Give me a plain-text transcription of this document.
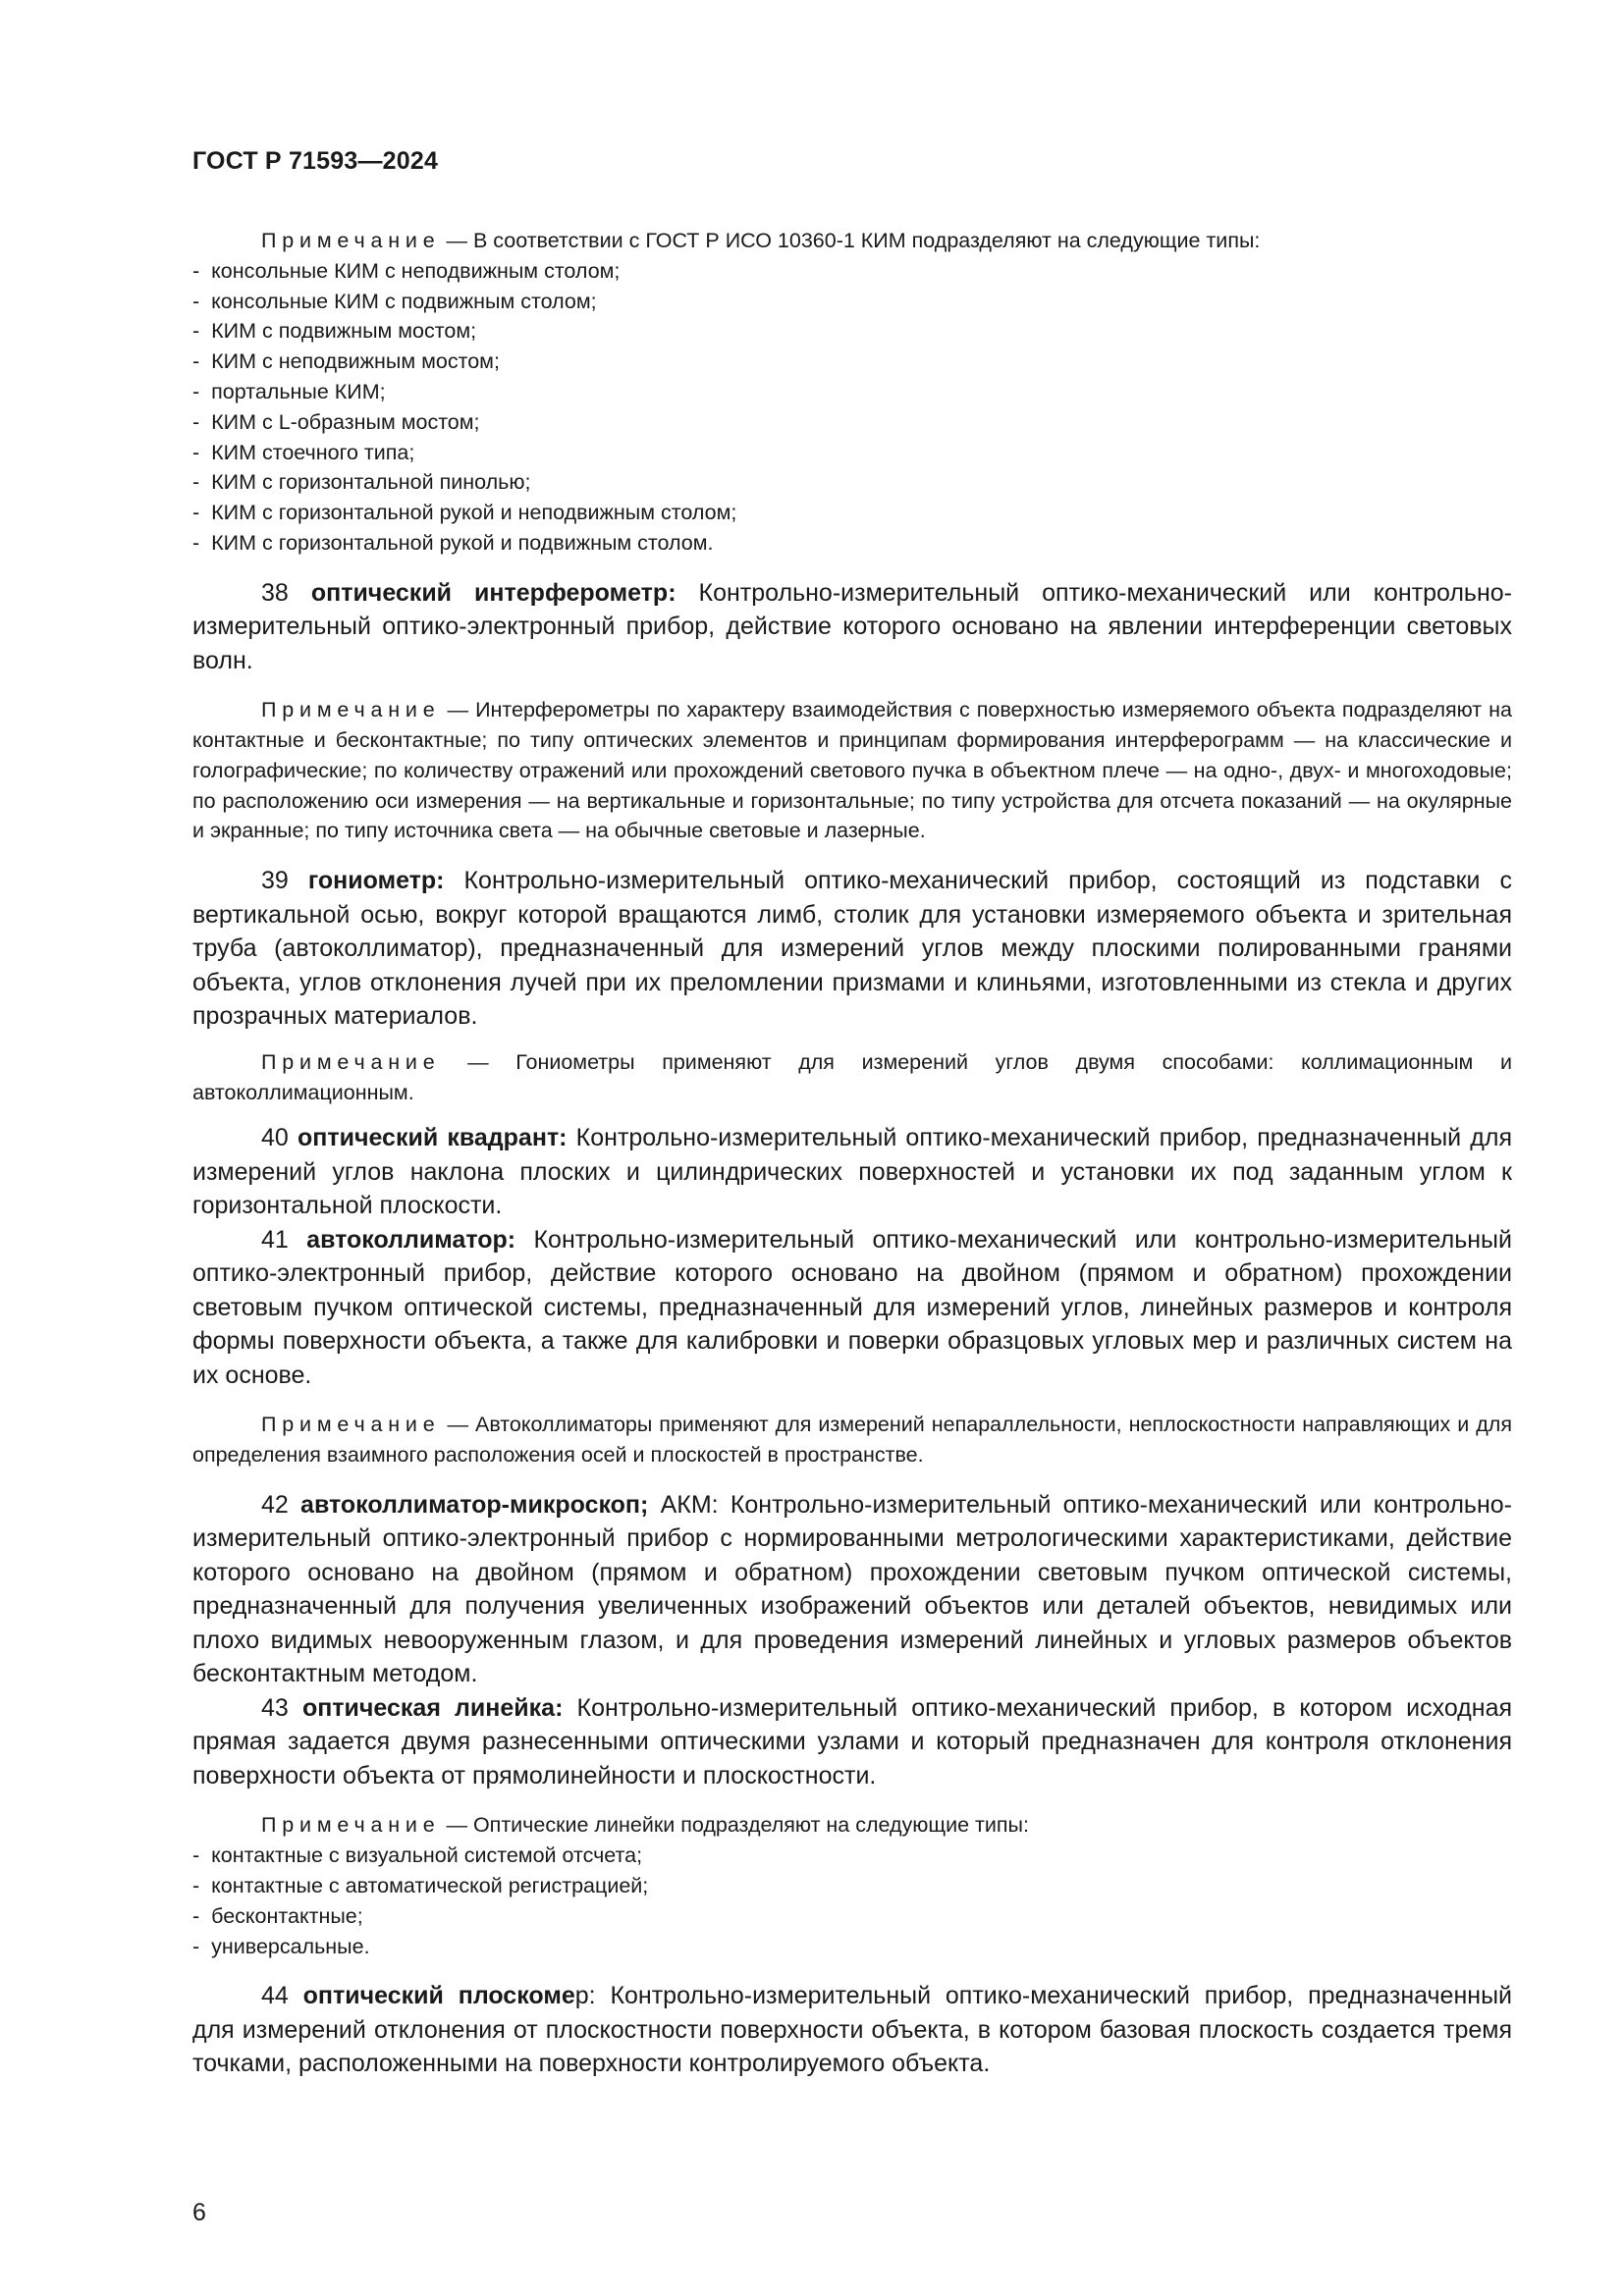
ГОСТ Р 71593—2024

Примечание — В соответствии с ГОСТ Р ИСО 10360-1 КИМ подразделяют на следующие типы:

- консольные КИМ с неподвижным столом;
- консольные КИМ с подвижным столом;
- КИМ с подвижным мостом;
- КИМ с неподвижным мостом;
- портальные КИМ;
- КИМ с L-образным мостом;
- КИМ стоечного типа;
- КИМ с горизонтальной пинолью;
- КИМ с горизонтальной рукой и неподвижным столом;
- КИМ с горизонтальной рукой и подвижным столом.

38 оптический интерферометр: Контрольно-измерительный оптико-механический или контрольно-измерительный оптико-электронный прибор, действие которого основано на явлении интерференции световых волн.

Примечание — Интерферометры по характеру взаимодействия с поверхностью измеряемого объекта подразделяют на контактные и бесконтактные; по типу оптических элементов и принципам формирования интерферограмм — на классические и голографические; по количеству отражений или прохождений светового пучка в объектном плече — на одно-, двух- и многоходовые; по расположению оси измерения — на вертикальные и горизонтальные; по типу устройства для отсчета показаний — на окулярные и экранные; по типу источника света — на обычные световые и лазерные.

39 гониометр: Контрольно-измерительный оптико-механический прибор, состоящий из подставки с вертикальной осью, вокруг которой вращаются лимб, столик для установки измеряемого объекта и зрительная труба (автоколлиматор), предназначенный для измерений углов между плоскими полированными гранями объекта, углов отклонения лучей при их преломлении призмами и клиньями, изготовленными из стекла и других прозрачных материалов.

Примечание — Гониометры применяют для измерений углов двумя способами: коллимационным и автоколлимационным.

40 оптический квадрант: Контрольно-измерительный оптико-механический прибор, предназначенный для измерений углов наклона плоских и цилиндрических поверхностей и установки их под заданным углом к горизонтальной плоскости.

41 автоколлиматор: Контрольно-измерительный оптико-механический или контрольно-измерительный оптико-электронный прибор, действие которого основано на двойном (прямом и обратном) прохождении световым пучком оптической системы, предназначенный для измерений углов, линейных размеров и контроля формы поверхности объекта, а также для калибровки и поверки образцовых угловых мер и различных систем на их основе.

Примечание — Автоколлиматоры применяют для измерений непараллельности, неплоскостности направляющих и для определения взаимного расположения осей и плоскостей в пространстве.

42 автоколлиматор-микроскоп; АКМ: Контрольно-измерительный оптико-механический или контрольно-измерительный оптико-электронный прибор с нормированными метрологическими характеристиками, действие которого основано на двойном (прямом и обратном) прохождении световым пучком оптической системы, предназначенный для получения увеличенных изображений объектов или деталей объектов, невидимых или плохо видимых невооруженным глазом, и для проведения измерений линейных и угловых размеров объектов бесконтактным методом.

43 оптическая линейка: Контрольно-измерительный оптико-механический прибор, в котором исходная прямая задается двумя разнесенными оптическими узлами и который предназначен для контроля отклонения поверхности объекта от прямолинейности и плоскостности.

Примечание — Оптические линейки подразделяют на следующие типы:

- контактные с визуальной системой отсчета;
- контактные с автоматической регистрацией;
- бесконтактные;
- универсальные.

44 оптический плоскомер: Контрольно-измерительный оптико-механический прибор, предназначенный для измерений отклонения от плоскостности поверхности объекта, в котором базовая плоскость создается тремя точками, расположенными на поверхности контролируемого объекта.

6
